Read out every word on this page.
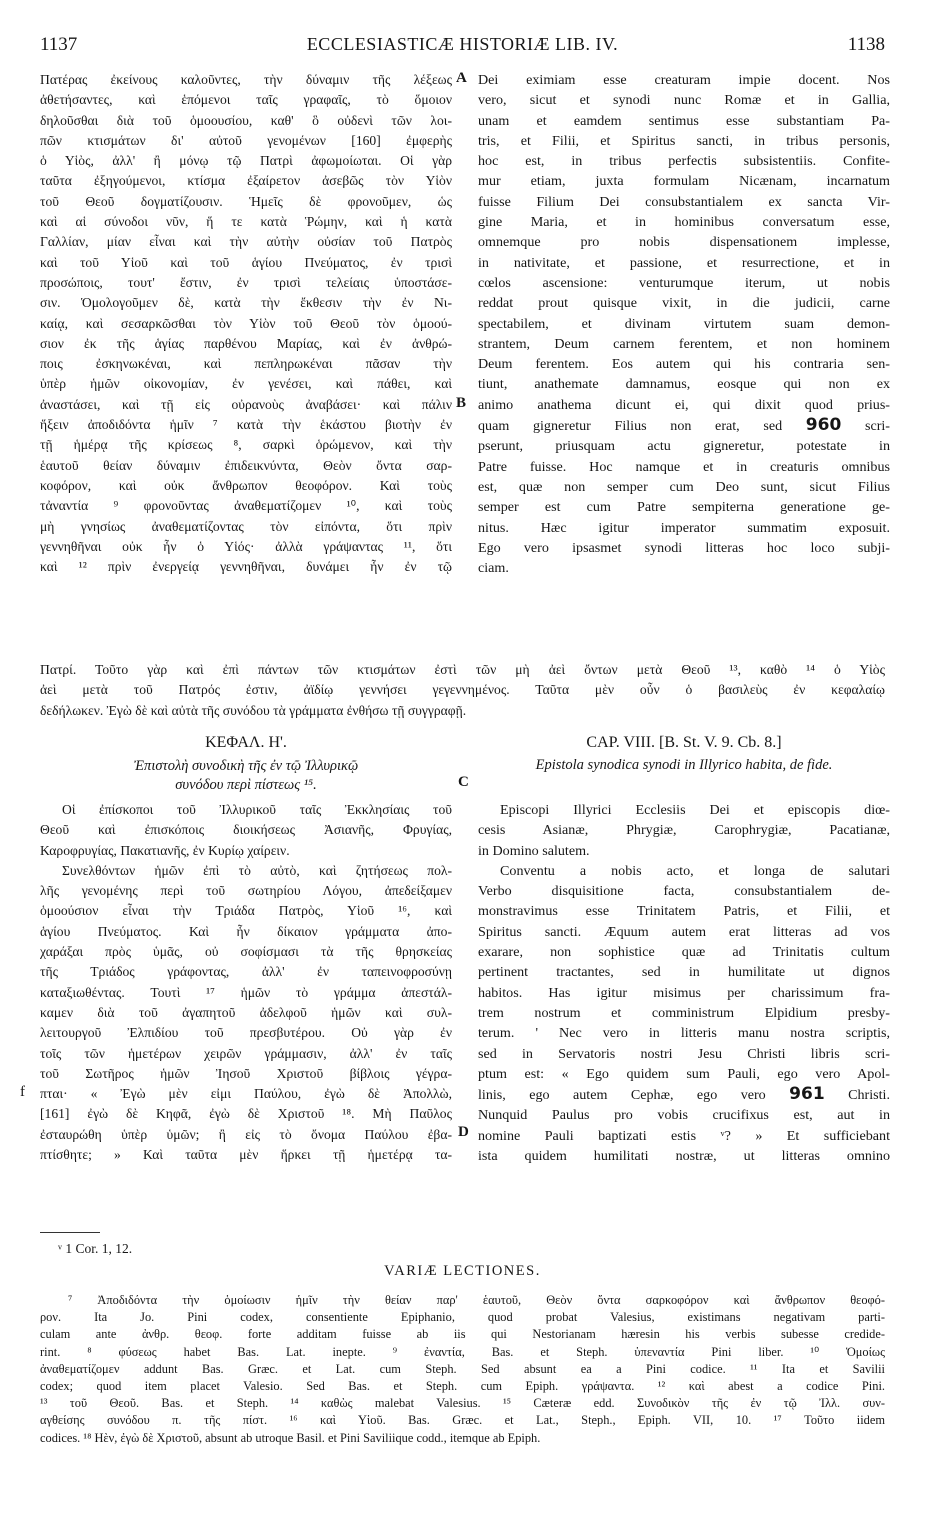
1137	ECCLESIASTICÆ HISTORIÆ LIB. IV.	1138
Πατέρας ἐκείνους καλοῦντες, τὴν δύναμιν τῆς λέξεως
ἀθετήσαντες, καὶ ἑπόμενοι ταῖς γραφαῖς, τὸ ὅμοιον
δηλοῦσθαι διὰ τοῦ ὁμοουσίου, καθ' ὃ οὐδενὶ τῶν λοι-
πῶν κτισμάτων δι' αὐτοῦ γενομένων [160] ἐμφερὴς
ὁ Υἱὸς, ἀλλ' ἢ μόνῳ τῷ Πατρὶ ἀφωμοίωται. Οἱ γὰρ
ταῦτα ἐξηγούμενοι, κτίσμα ἐξαίρετον ἀσεβῶς τὸν Υἱὸν
τοῦ Θεοῦ δογματίζουσιν. Ἡμεῖς δὲ φρονοῦμεν, ὡς
καὶ αἱ σύνοδοι νῦν, ἥ τε κατὰ Ῥώμην, καὶ ἡ κατὰ
Γαλλίαν, μίαν εἶναι καὶ τὴν αὐτὴν οὐσίαν τοῦ Πατρὸς
καὶ τοῦ Υἱοῦ καὶ τοῦ ἁγίου Πνεύματος, ἐν τρισὶ
προσώποις, τουτ' ἔστιν, ἐν τρισὶ τελείαις ὑποστάσε-
σιν. Ὁμολογοῦμεν δὲ, κατὰ τὴν ἔκθεσιν τὴν ἐν Νι-
καίᾳ, καὶ σεσαρκῶσθαι τὸν Υἱὸν τοῦ Θεοῦ τὸν ὁμοού-
σιον ἐκ τῆς ἁγίας παρθένου Μαρίας, καὶ ἐν ἀνθρώ-
ποις ἐσκηνωκέναι, καὶ πεπληρωκέναι πᾶσαν τὴν
ὑπὲρ ἡμῶν οἰκονομίαν, ἐν γενέσει, καὶ πάθει, καὶ
ἀναστάσει, καὶ τῇ εἰς οὐρανοὺς ἀναβάσει· καὶ πάλιν
ἥξειν ἀποδιδόντα ἡμῖν ⁷ κατὰ τὴν ἑκάστου βιοτὴν ἐν
τῇ ἡμέρᾳ τῆς κρίσεως ⁸, σαρκὶ ὁρώμενον, καὶ τὴν
ἑαυτοῦ θείαν δύναμιν ἐπιδεικνύντα, Θεὸν ὄντα σαρ-
κοφόρον, καὶ οὐκ ἄνθρωπον θεοφόρον. Καὶ τοὺς
τἀναντία ⁹ φρονοῦντας ἀναθεματίζομεν ¹⁰, καὶ τοὺς
μὴ γνησίως ἀναθεματίζοντας τὸν εἰπόντα, ὅτι πρὶν
γεννηθῆναι οὐκ ἦν ὁ Υἱός· ἀλλὰ γράψαντας ¹¹, ὅτι
καὶ ¹² πρὶν ἐνεργείᾳ γεννηθῆναι, δυνάμει ἦν ἐν τῷ
A
B
Dei eximiam esse creaturam impie docent. Nos
vero, sicut et synodi nunc Romæ et in Gallia,
unam et eamdem sentimus esse substantiam Pa-
tris, et Filii, et Spiritus sancti, in tribus personis,
hoc est, in tribus perfectis subsistentiis. Confite-
mur etiam, juxta formulam Nicænam, incarnatum
fuisse Filium Dei consubstantialem ex sancta Vir-
gine Maria, et in hominibus conversatum esse,
omnemque pro nobis dispensationem implesse,
in nativitate, et passione, et resurrectione, et in
cœlos ascensione: venturumque iterum, ut nobis
reddat prout quisque vixit, in die judicii, carne
spectabilem, et divinam virtutem suam demon-
strantem, Deum carnem ferentem, et non hominem
Deum ferentem. Eos autem qui his contraria sen-
tiunt, anathemate damnamus, eosque qui non ex
animo anathema dicunt ei, qui dixit quod prius-
quam gigneretur Filius non erat, sed 960 scri-
pserunt, priusquam actu gigneretur, potestate in
Patre fuisse. Hoc namque et in creaturis omnibus
est, quæ non semper cum Deo sunt, sicut Filius
semper est cum Patre sempiterna generatione ge-
nitus. Hæc igitur imperator summatim exposuit.
Ego vero ipsasmet synodi litteras hoc loco subji-
ciam.
Πατρί. Τοῦτο γὰρ καὶ ἐπὶ πάντων τῶν κτισμάτων ἐστὶ τῶν μὴ ἀεὶ ὄντων μετὰ Θεοῦ ¹³, καθὸ ¹⁴ ὁ Υἱὸς
ἀεὶ μετὰ τοῦ Πατρός ἐστιν, ἀϊδίῳ γεννήσει γεγεννημένος. Ταῦτα μὲν οὖν ὁ βασιλεὺς ἐν κεφαλαίῳ
δεδήλωκεν. Ἐγὼ δὲ καὶ αὐτὰ τῆς συνόδου τὰ γράμματα ἐνθήσω τῇ συγγραφῇ.
ΚΕΦΑΛ. Η'.	CAP. VIII. [B. St. V. 9. Cb. 8.]
Ἐπιστολὴ συνοδικὴ τῆς ἐν τῷ Ἰλλυρικῷ
συνόδου περὶ πίστεως ¹⁵.
Epistola synodica synodi in Illyrico habita, de fide.
C
Οἱ ἐπίσκοποι τοῦ Ἰλλυρικοῦ ταῖς Ἐκκλησίαις τοῦ
Θεοῦ καὶ ἐπισκόποις διοικήσεως Ἀσιανῆς, Φρυγίας,
Καροφρυγίας, Πακατιανῆς, ἐν Κυρίῳ χαίρειν.
Συνελθόντων ἡμῶν ἐπὶ τὸ αὐτὸ, καὶ ζητήσεως πολ-
λῆς γενομένης περὶ τοῦ σωτηρίου Λόγου, ἀπεδείξαμεν
ὁμοούσιον εἶναι τὴν Τριάδα Πατρὸς, Υἱοῦ ¹⁶, καὶ
ἁγίου Πνεύματος. Καὶ ἦν δίκαιον γράμματα ἀπο-
χαράξαι πρὸς ὑμᾶς, οὐ σοφίσμασι τὰ τῆς θρησκείας
τῆς Τριάδος γράφοντας, ἀλλ' ἐν ταπεινοφροσύνῃ
καταξιωθέντας. Τουτὶ ¹⁷ ἡμῶν τὸ γράμμα ἀπεστάλ-
καμεν διὰ τοῦ ἀγαπητοῦ ἀδελφοῦ ἡμῶν καὶ συλ-
λειτουργοῦ Ἐλπιδίου τοῦ πρεσβυτέρου. Οὐ γὰρ ἐν
τοῖς τῶν ἡμετέρων χειρῶν γράμμασιν, ἀλλ' ἐν ταῖς
τοῦ Σωτῆρος ἡμῶν Ἰησοῦ Χριστοῦ βίβλοις γέγρα-
πται· « Ἐγὼ μὲν εἰμι Παύλου, ἐγὼ δὲ Ἀπολλὼ,
[161] ἐγὼ δὲ Κηφᾶ, ἐγὼ δὲ Χριστοῦ ¹⁸. Μὴ Παῦλος
ἐσταυρώθη ὑπὲρ ὑμῶν; ἢ εἰς τὸ ὄνομα Παύλου ἐβα-
πτίσθητε; » Καὶ ταῦτα μὲν ἥρκει τῇ ἡμετέρᾳ τα-
f
D
Episcopi Illyrici Ecclesiis Dei et episcopis diœ-
cesis Asianæ, Phrygiæ, Carophrygiæ, Pacatianæ,
in Domino salutem.
Conventu a nobis acto, et longa de salutari
Verbo disquisitione facta, consubstantialem de-
monstravimus esse Trinitatem Patris, et Filii, et
Spiritus sancti. Æquum autem erat litteras ad vos
exarare, non sophistice quæ ad Trinitatis cultum
pertinent tractantes, sed in humilitate ut dignos
habitos. Has igitur misimus per charissimum fra-
trem nostrum et comministrum Elpidium presby-
terum. ' Nec vero in litteris manu nostra scriptis,
sed in Servatoris nostri Jesu Christi libris scri-
ptum est: « Ego quidem sum Pauli, ego vero Apol-
linis, ego autem Cephæ, ego vero 961 Christi.
Nunquid Paulus pro vobis crucifixus est, aut in
nomine Pauli baptizati estis ᵛ? » Et sufficiebant
ista quidem humilitati nostræ, ut litteras omnino
ᵛ 1 Cor. 1, 12.
VARIÆ LECTIONES.
⁷ Ἀποδιδόντα τὴν ὁμοίωσιν ἡμῖν τὴν θείαν παρ' ἑαυτοῦ, Θεὸν ὄντα σαρκοφόρον καὶ ἄνθρωπον θεοφό-
ρον. Ita Jo. Pini codex, consentiente Epiphanio, quod probat Valesius, existimans negativam parti-
culam ante ἀνθρ. θεοφ. forte additam fuisse ab iis qui Nestorianam hæresin his verbis subesse credide-
rint. ⁸ φύσεως habet Bas. Lat. inepte. ⁹ ἐναντία, Bas. et Steph. ὑπεναντία Pini liber. ¹⁰ Ὁμοίως
ἀναθεματίζομεν addunt Bas. Græc. et Lat. cum Steph. Sed absunt ea a Pini codice. ¹¹ Ita et Savilii
codex; quod item placet Valesio. Sed Bas. et Steph. cum Epiph. γράψαντα. ¹² καὶ abest a codice Pini.
¹³ τοῦ Θεοῦ. Bas. et Steph. ¹⁴ καθὼς malebat Valesius. ¹⁵ Cæteræ edd. Συνοδικὸν τῆς ἐν τῷ Ἰλλ. συν-
αγθείσης συνόδου π. τῆς πίστ. ¹⁶ καὶ Υἱοῦ. Bas. Græc. et Lat., Steph., Epiph. VII, 10. ¹⁷ Τοῦτο iidem
codices. ¹⁸ Ηὲν, ἐγὼ δὲ Χριστοῦ, absunt ab utroque Basil. et Pini Saviliique codd., itemque ab Epiph.
